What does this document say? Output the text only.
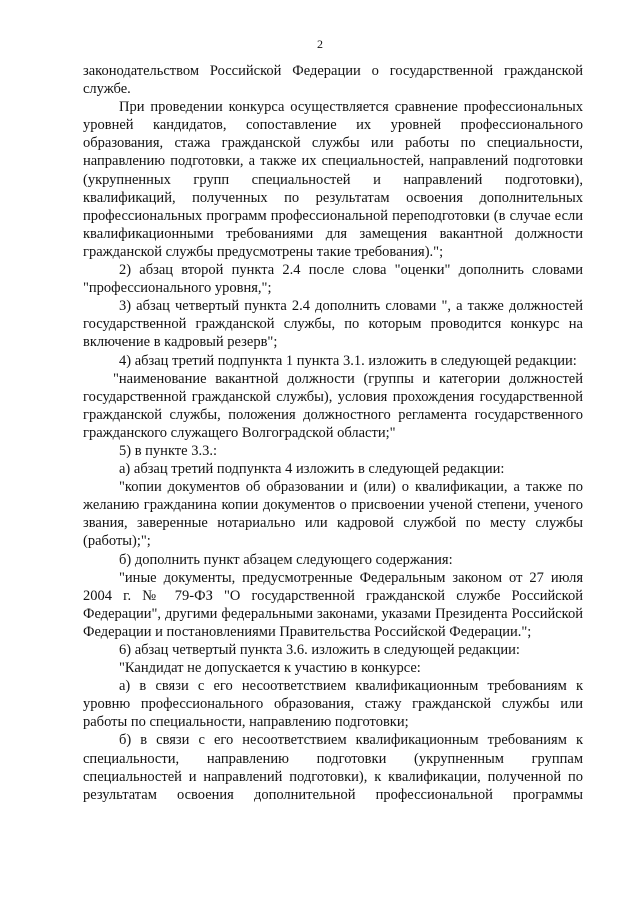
2

законодательством Российской Федерации о государственной гражданской службе.

При проведении конкурса осуществляется сравнение профессиональных уровней кандидатов, сопоставление их уровней профессионального образования, стажа гражданской службы или работы по специальности, направлению подготовки, а также их специальностей, направлений подготовки (укрупненных групп специальностей и направлений подготовки), квалификаций, полученных по результатам освоения дополнительных профессиональных программ профессиональной переподготовки (в случае если квалификационными требованиями для замещения вакантной должности гражданской службы предусмотрены такие требования).";

2) абзац второй пункта 2.4 после слова "оценки" дополнить словами "профессионального уровня,";

3) абзац четвертый пункта 2.4 дополнить словами ", а также должностей государственной гражданской службы, по которым проводится конкурс на включение в кадровый резерв";

4) абзац третий подпункта 1 пункта 3.1. изложить в следующей редакции:

"наименование вакантной должности (группы и категории должностей государственной гражданской службы), условия прохождения государственной гражданской службы, положения должностного регламента государственного гражданского служащего Волгоградской области;"

5) в пункте 3.3.:

а) абзац третий подпункта 4 изложить в следующей редакции:

"копии документов об образовании и (или) о квалификации, а также по желанию гражданина копии документов о присвоении ученой степени, ученого звания, заверенные нотариально или кадровой службой по месту службы (работы);";

б) дополнить пункт абзацем следующего содержания:

"иные документы, предусмотренные Федеральным законом от 27 июля 2004 г. № 79-ФЗ "О государственной гражданской службе Российской Федерации", другими федеральными законами, указами Президента Российской Федерации и постановлениями Правительства Российской Федерации.";

6) абзац четвертый пункта 3.6. изложить в следующей редакции:

"Кандидат не допускается к участию в конкурсе:

а) в связи с его несоответствием квалификационным требованиям к уровню профессионального образования, стажу гражданской службы или работы по специальности, направлению подготовки;

б) в связи с его несоответствием квалификационным требованиям к специальности, направлению подготовки (укрупненным группам специальностей и направлений подготовки), к квалификации, полученной по результатам освоения дополнительной профессиональной программы
